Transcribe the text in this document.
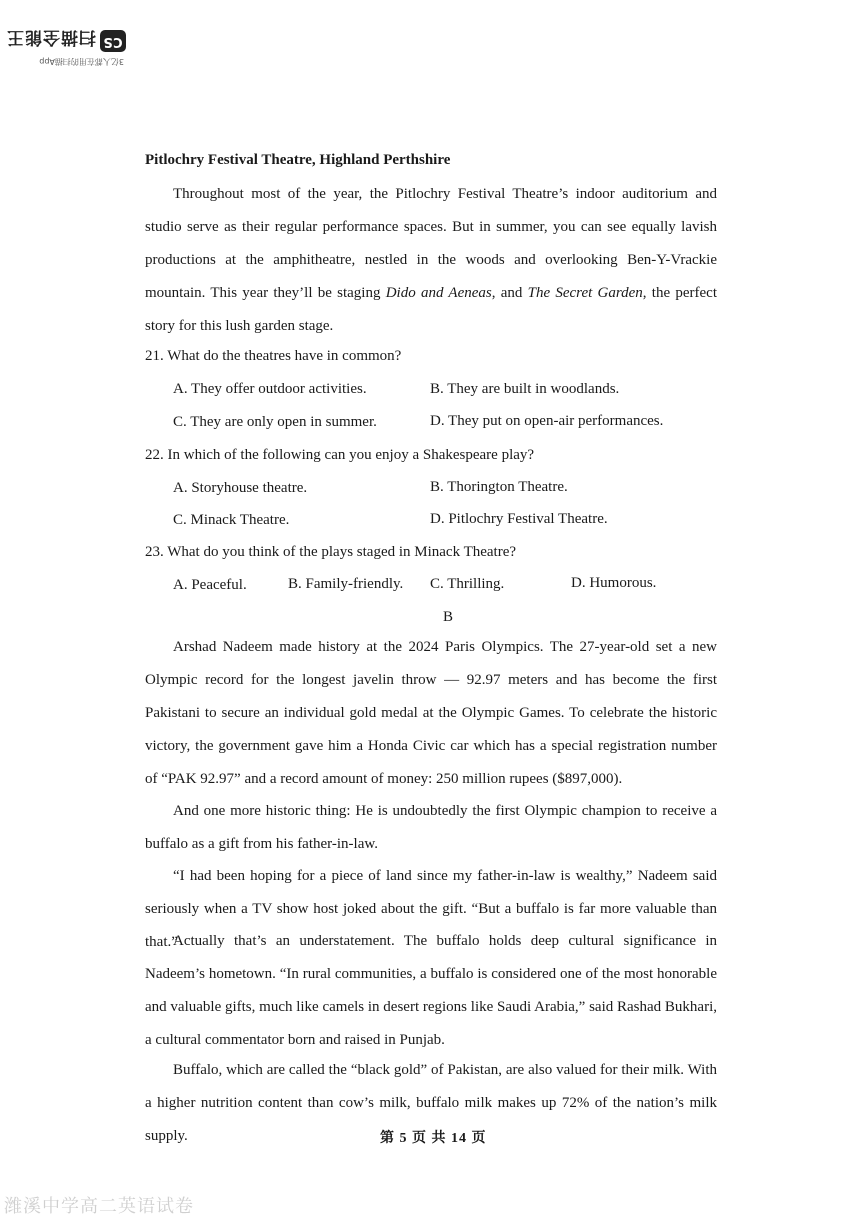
CS
扫描全能王
3亿人都在用的扫描App
Pitlochry Festival Theatre, Highland Perthshire

Throughout most of the year, the Pitlochry Festival Theatre’s indoor auditorium and studio serve as their regular performance spaces. But in summer, you can see equally lavish productions at the amphitheatre, nestled in the woods and overlooking Ben-Y-Vrackie mountain. This year they’ll be staging Dido and Aeneas, and The Secret Garden, the perfect story for this lush garden stage.

21. What do the theatres have in common?
A. They offer outdoor activities.	B. They are built in woodlands.
C. They are only open in summer.	D. They put on open-air performances.
22. In which of the following can you enjoy a Shakespeare play?
A. Storyhouse theatre.	B. Thorington Theatre.
C. Minack Theatre.	D. Pitlochry Festival Theatre.
23. What do you think of the plays staged in Minack Theatre?
A. Peaceful.	B. Family-friendly. C. Thrilling.	D. Humorous.
B

Arshad Nadeem made history at the 2024 Paris Olympics. The 27-year-old set a new Olympic record for the longest javelin throw — 92.97 meters and has become the first Pakistani to secure an individual gold medal at the Olympic Games. To celebrate the historic victory, the government gave him a Honda Civic car which has a special registration number of “PAK 92.97” and a record amount of money: 250 million rupees ($897,000).

And one more historic thing: He is undoubtedly the first Olympic champion to receive a buffalo as a gift from his father-in-law.

“I had been hoping for a piece of land since my father-in-law is wealthy,” Nadeem said seriously when a TV show host joked about the gift. “But a buffalo is far more valuable than that.”

Actually that’s an understatement. The buffalo holds deep cultural significance in Nadeem’s hometown. “In rural communities, a buffalo is considered one of the most honorable and valuable gifts, much like camels in desert regions like Saudi Arabia,” said Rashad Bukhari, a cultural commentator born and raised in Punjab.

Buffalo, which are called the “black gold” of Pakistan, are also valued for their milk. With a higher nutrition content than cow’s milk, buffalo milk makes up 72% of the nation’s milk supply.	第 5 页 共 14 页
潍溪中学高二英语试卷
